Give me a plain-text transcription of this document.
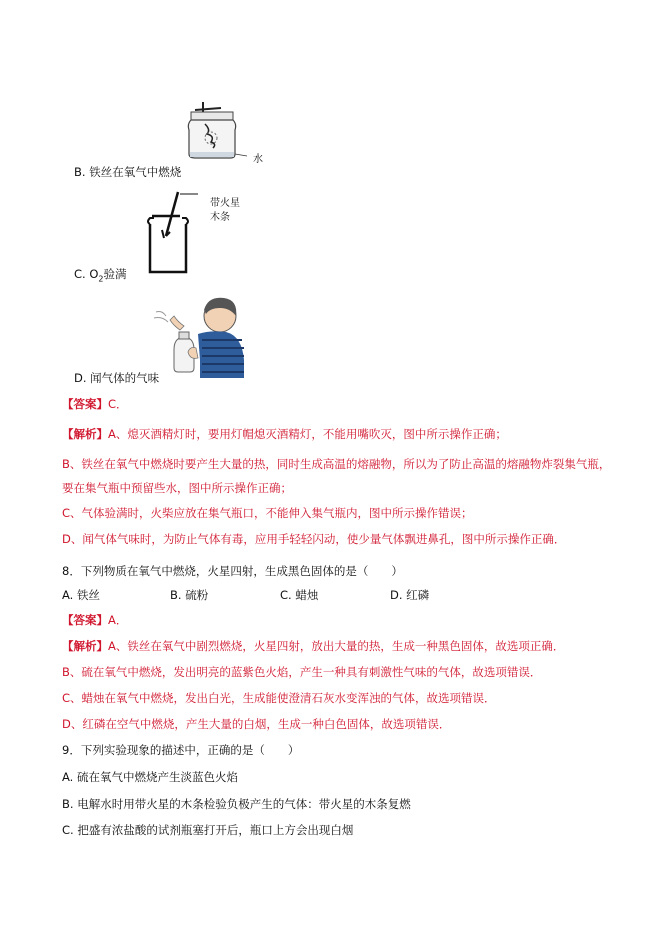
水
B. 铁丝在氧气中燃烧
带火星
木条
C. $O_2$验满
D. 闻气体的气味
【答案】C．
【解析】A、熄灭酒精灯时，要用灯帽熄灭酒精灯，不能用嘴吹灭，图中所示操作正确；
B、铁丝在氧气中燃烧时要产生大量的热，同时生成高温的熔融物，所以为了防止高温的熔融物炸裂集气瓶，
要在集气瓶中预留些水，图中所示操作正确；
C、气体验满时，火柴应放在集气瓶口，不能伸入集气瓶内，图中所示操作错误；
D、闻气体气味时，为防止气体有毒，应用手轻轻闪动，使少量气体飘进鼻孔，图中所示操作正确．
8．下列物质在氧气中燃烧，火星四射，生成黑色固体的是（　　）
A. 铁丝	B. 硫粉	C. 蜡烛	D. 红磷
【答案】A．
【解析】A、铁丝在氧气中剧烈燃烧，火星四射，放出大量的热，生成一种黑色固体，故选项正确．
B、硫在氧气中燃烧，发出明亮的蓝紫色火焰，产生一种具有刺激性气味的气体，故选项错误．
C、蜡烛在氧气中燃烧，发出白光，生成能使澄清石灰水变浑浊的气体，故选项错误．
D、红磷在空气中燃烧，产生大量的白烟，生成一种白色固体，故选项错误．
9．下列实验现象的描述中，正确的是（　　）
A. 硫在氧气中燃烧产生淡蓝色火焰
B. 电解水时用带火星的木条检验负极产生的气体：带火星的木条复燃
C. 把盛有浓盐酸的试剂瓶塞打开后，瓶口上方会出现白烟
